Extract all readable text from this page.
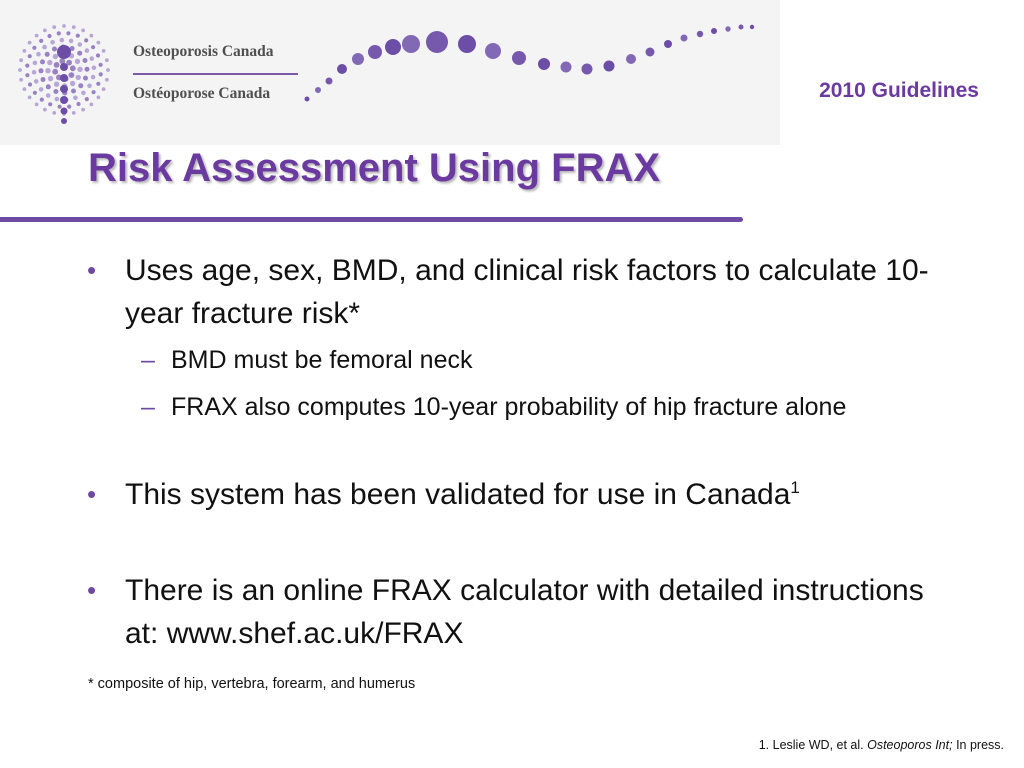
Osteoporosis Canada
Ostéoporose Canada	2010 Guidelines
Risk Assessment Using FRAX
• Uses age, sex, BMD, and clinical risk factors to calculate 10-year fracture risk*
– BMD must be femoral neck
– FRAX also computes 10-year probability of hip fracture alone
• This system has been validated for use in Canada$^1$
• There is an online FRAX calculator with detailed instructions at: www.shef.ac.uk/FRAX
* composite of hip, vertebra, forearm, and humerus
1. Leslie WD, et al. Osteoporos Int; In press.
